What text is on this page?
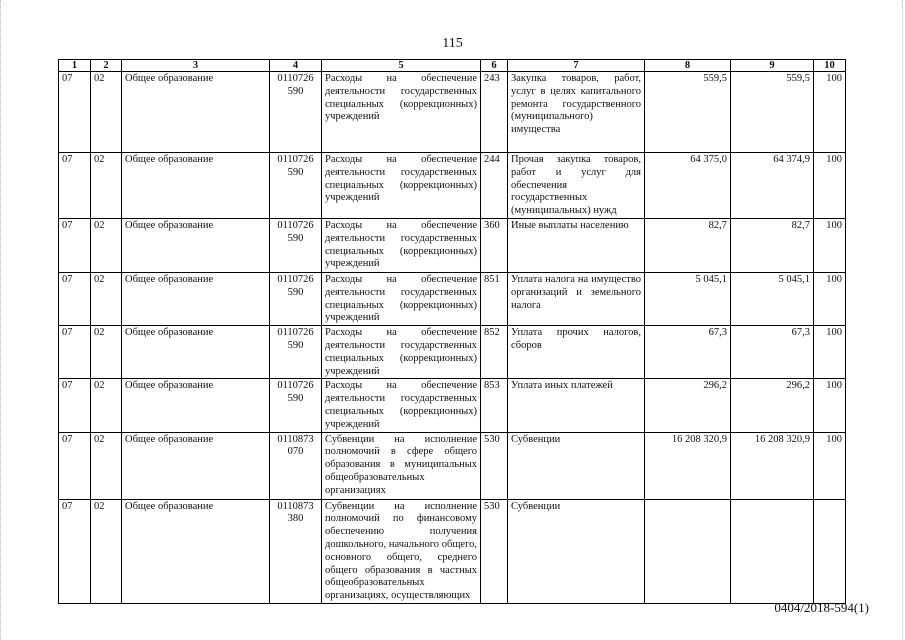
115
1	2	3	4	5	6	7	8	9	10
07	02	Общее образование	0110726 590	Расходы на обеспечение деятельности государственных специальных (коррекционных) учреждений	243	Закупка товаров, работ, услуг в целях капитального ремонта государственного (муниципального) имущества	559,5	559,5	100
07	02	Общее образование	0110726 590	Расходы на обеспечение деятельности государственных специальных (коррекционных) учреждений	244	Прочая закупка товаров, работ и услуг для обеспечения государственных (муниципальных) нужд	64 375,0	64 374,9	100
07	02	Общее образование	0110726 590	Расходы на обеспечение деятельности государственных специальных (коррекционных) учреждений	360	Иные выплаты населению	82,7	82,7	100
07	02	Общее образование	0110726 590	Расходы на обеспечение деятельности государственных специальных (коррекционных) учреждений	851	Уплата налога на имущество организаций и земельного налога	5 045,1	5 045,1	100
07	02	Общее образование	0110726 590	Расходы на обеспечение деятельности государственных специальных (коррекционных) учреждений	852	Уплата прочих налогов, сборов	67,3	67,3	100
07	02	Общее образование	0110726 590	Расходы на обеспечение деятельности государственных специальных (коррекционных) учреждений	853	Уплата иных платежей	296,2	296,2	100
07	02	Общее образование	0110873 070	Субвенции на исполнение полномочий в сфере общего образования в муниципальных общеобразовательных организациях	530	Субвенции	16 208 320,9	16 208 320,9	100
07	02	Общее образование	0110873 380	Субвенции на исполнение полномочий по финансовому обеспечению получения дошкольного, начального общего, основного общего, среднего общего образования в частных общеобразовательных организациях, осуществляющих	530	Субвенции			
0404/2018-594(1)
